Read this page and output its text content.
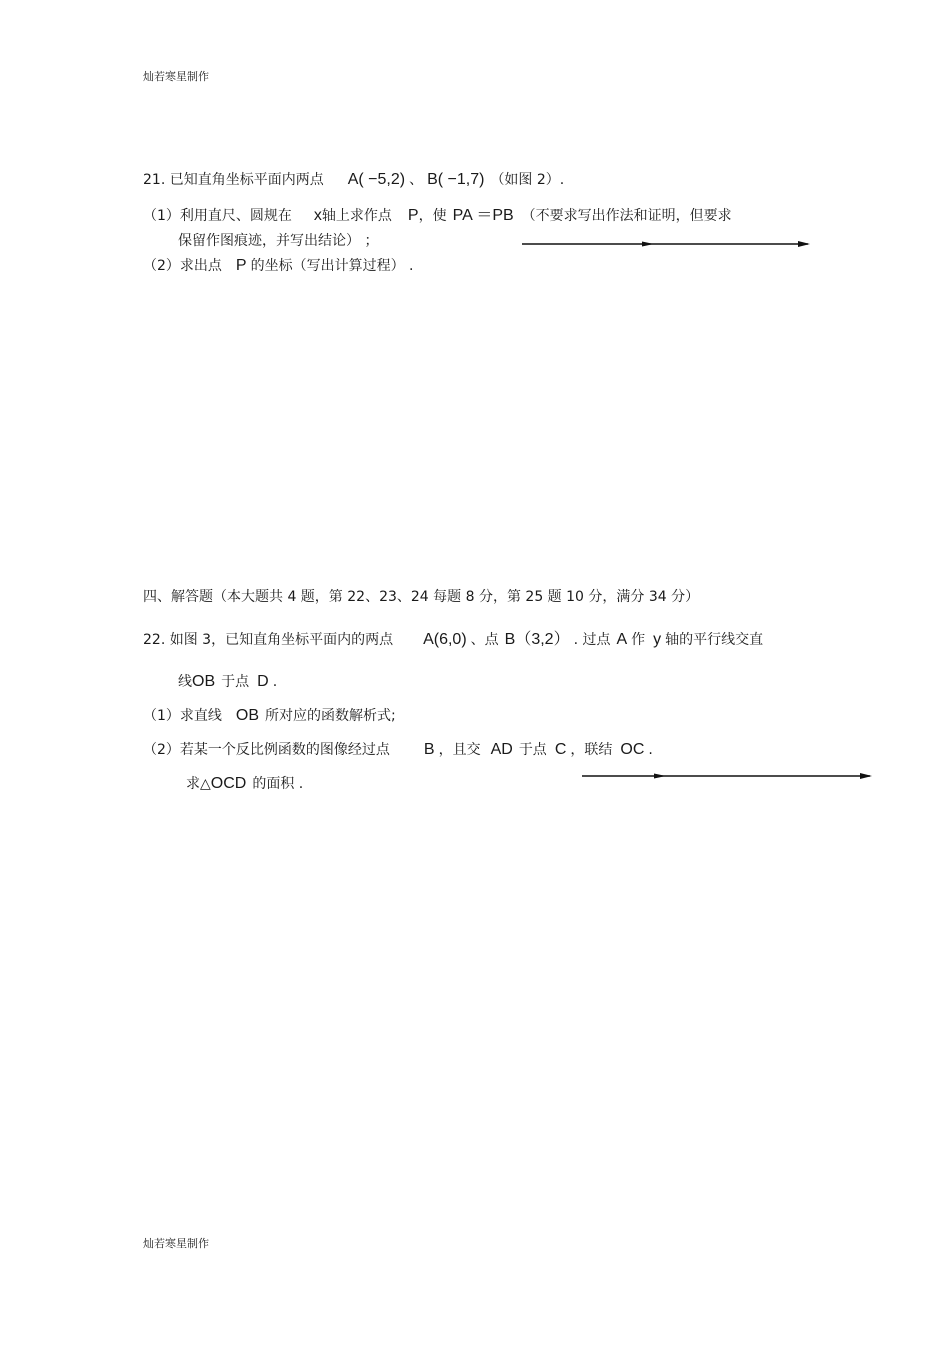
灿若寒星制作
21. 已知直角坐标平面内两点 A( −5,2) 、 B( −1,7) （如图 2）.
（1）利用直尺、圆规在 x轴上求作点 P，使 PA ＝PB （不要求写出作法和证明，但要求
保留作图痕迹，并写出结论） ；
（2）求出点 P 的坐标（写出计算过程） .
四、解答题（本大题共 4 题，第 22、23、24 每题 8 分，第 25 题 10 分，满分 34 分）
22. 如图 3，已知直角坐标平面内的两点 A(6,0) 、点 B（3,2） . 过点 A 作 y 轴的平行线交直
线OB 于点 D .
（1）求直线 OB 所对应的函数解析式;
（2）若某一个反比例函数的图像经过点 B ，且交 AD 于点 C ，联结 OC .
求△OCD 的面积 .
灿若寒星制作
